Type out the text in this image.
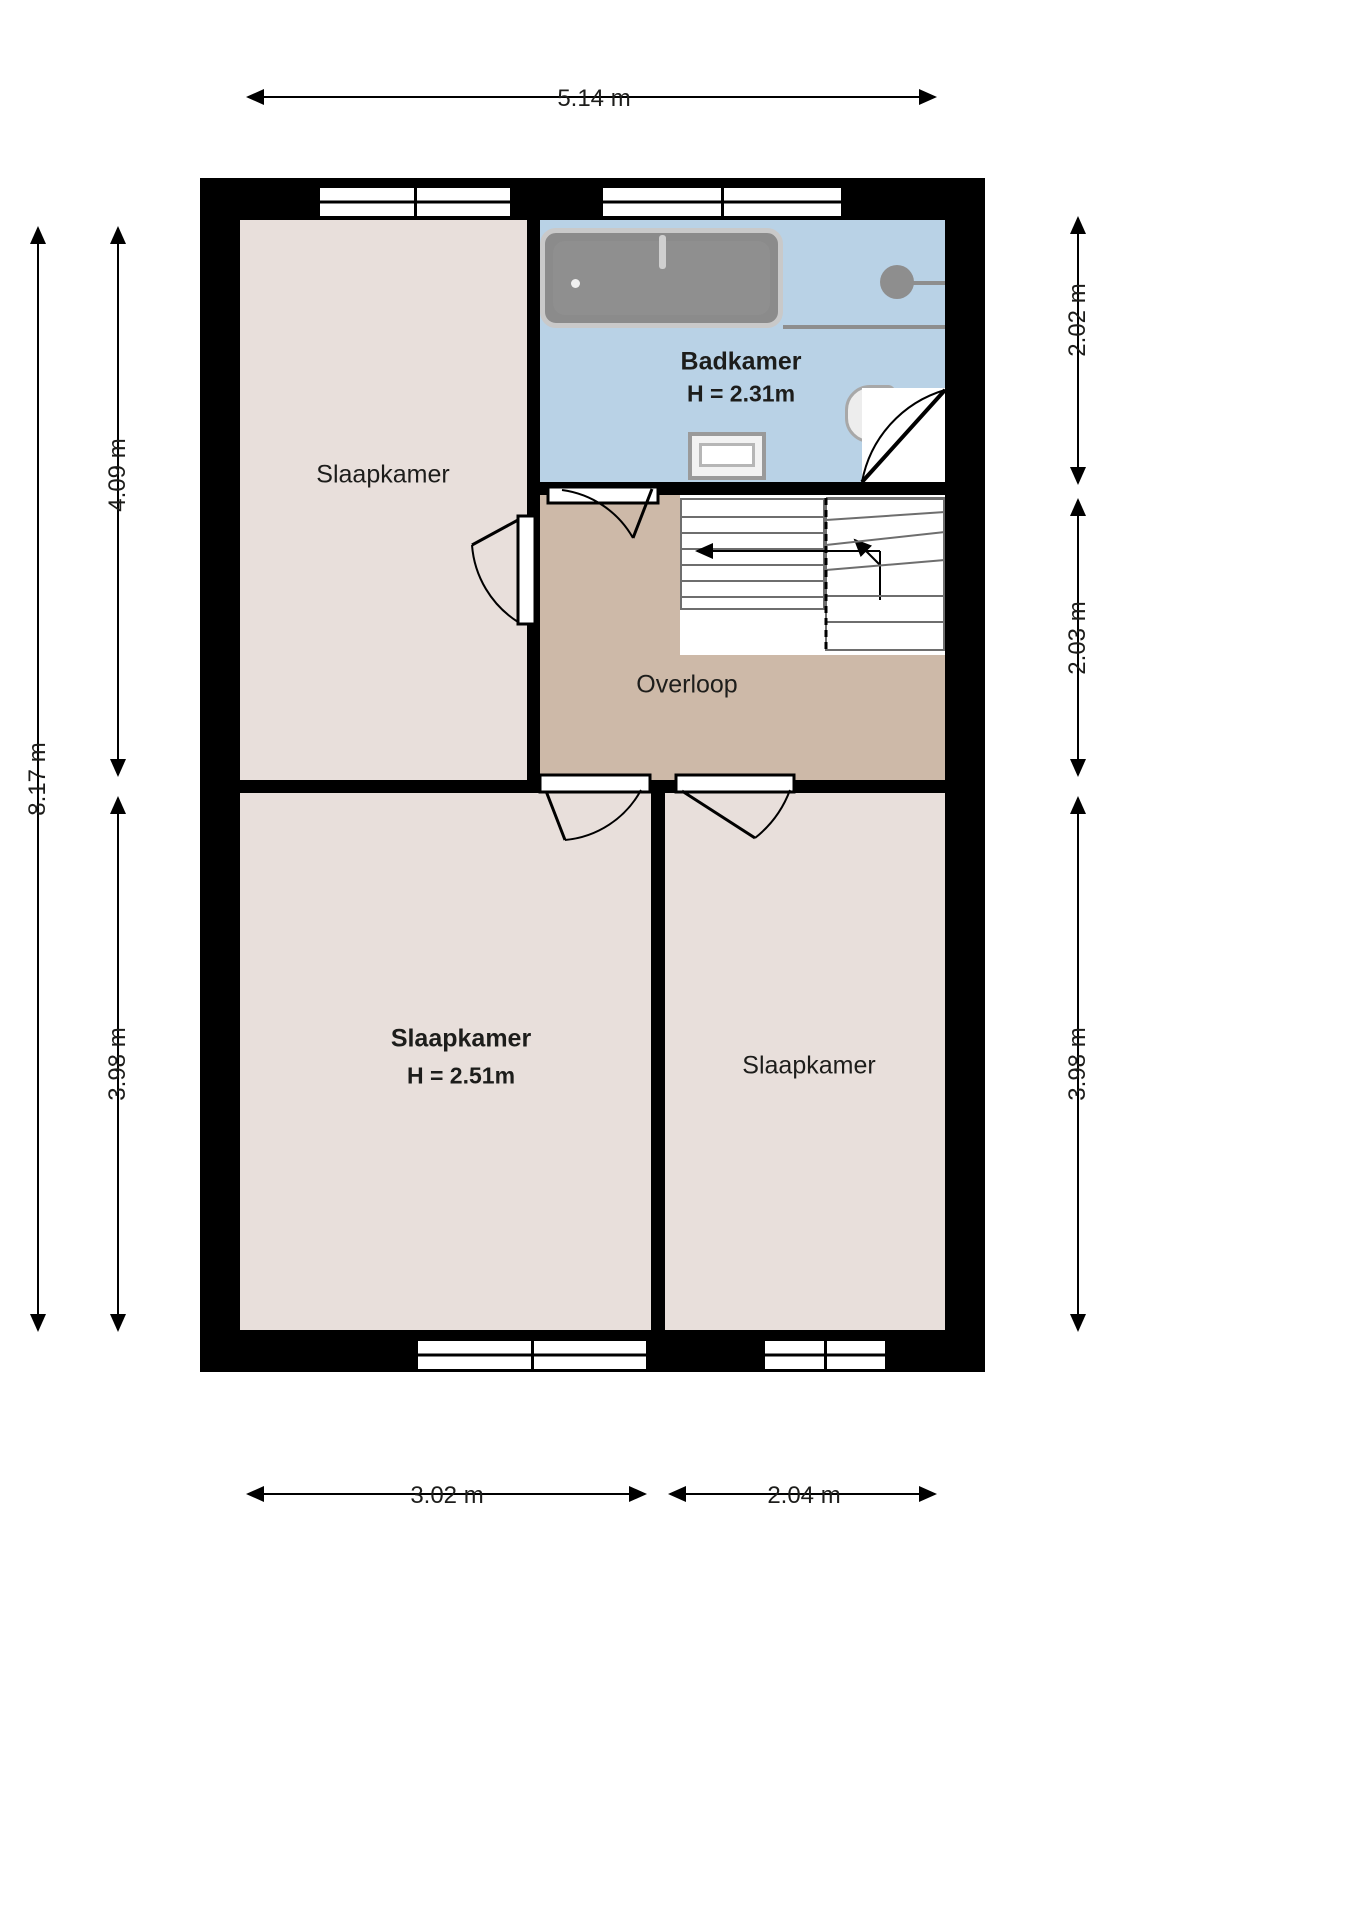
Slaapkamer
Badkamer
H = 2.31m
Overloop
Slaapkamer
H = 2.51m	Slaapkamer
5.14 m
3.02 m	2.04 m
8.17 m
4.09 m
3.98 m
2.02 m
2.03 m
3.98 m
